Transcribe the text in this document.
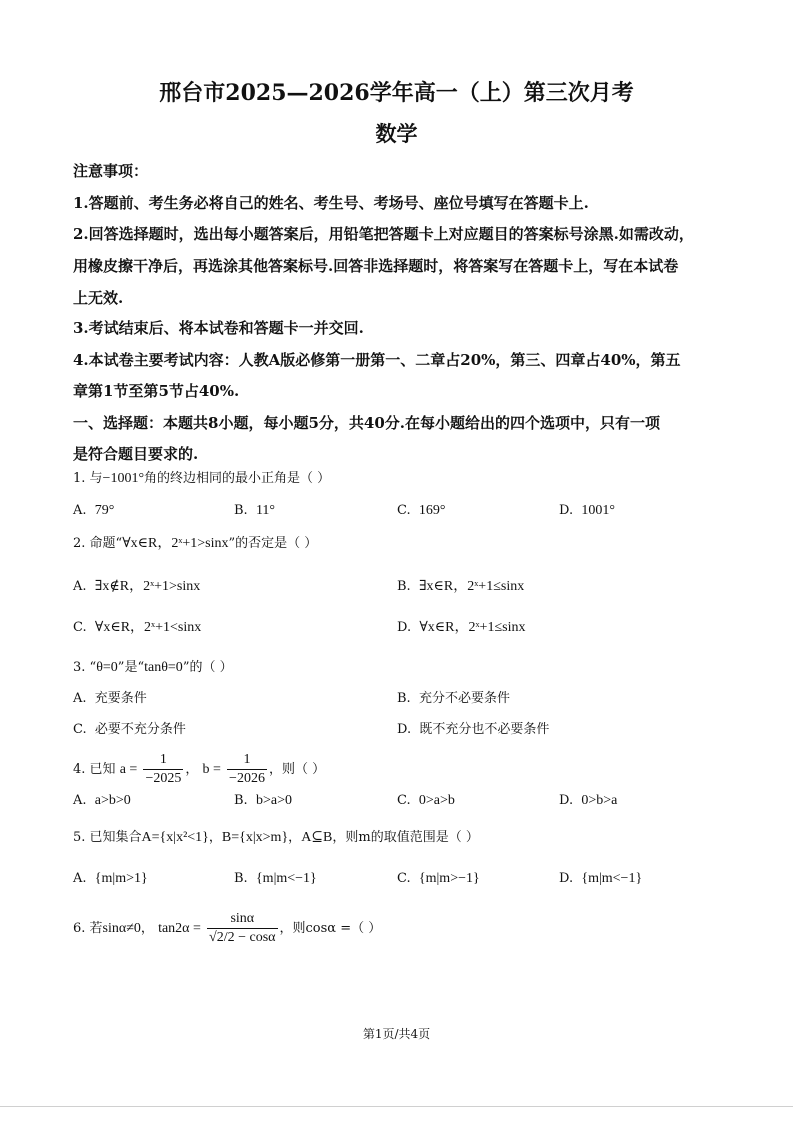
邢台市2025—2026学年高一（上）第三次月考
数学
注意事项：
1.答题前、考生务必将自己的姓名、考生号、考场号、座位号填写在答题卡上.
2.回答选择题时，选出每小题答案后，用铅笔把答题卡上对应题目的答案标号涂黑.如需改动，
用橡皮擦干净后，再选涂其他答案标号.回答非选择题时，将答案写在答题卡上，写在本试卷
上无效.
3.考试结束后、将本试卷和答题卡一并交回.
4.本试卷主要考试内容：人教A版必修第一册第一、二章占20%，第三、四章占40%，第五
章第1节至第5节占40%.
一、选择题：本题共8小题，每小题5分，共40分.在每小题给出的四个选项中，只有一项
是符合题目要求的.
1. 与−1001°角的终边相同的最小正角是（ ）
A. 79°	B. 11°	C. 169°	D. 1001°
2. 命题“∀x∈R，2ˣ+1>sinx”的否定是（ ）
A. ∃x∉R，2ˣ+1>sinx	B. ∃x∈R，2ˣ+1≤sinx
C. ∀x∈R，2ˣ+1<sinx	D. ∀x∈R，2ˣ+1≤sinx
3. “θ=0”是“tanθ=0”的（ ）
A. 充要条件	B. 充分不必要条件
C. 必要不充分条件	D. 既不充分也不必要条件
4. 已知 $a = \frac{1}{-2025}$ ， $b = \frac{1}{-2026}$ ，则（ ）
A. a>b>0	B. b>a>0	C. 0>a>b	D. 0>b>a
5. 已知集合A={x|x²<1}，B={x|x>m}，A⊆B，则m的取值范围是（ ）
A. {m|m>1}	B. {m|m<−1}	C. {m|m>−1}	D. {m|m<−1}
6. 若sinα≠0， $\tan 2\alpha = \frac{\sin\alpha}{√2/2 - \cos\alpha}$ ，则cosα =（ ）
第1页/共4页
